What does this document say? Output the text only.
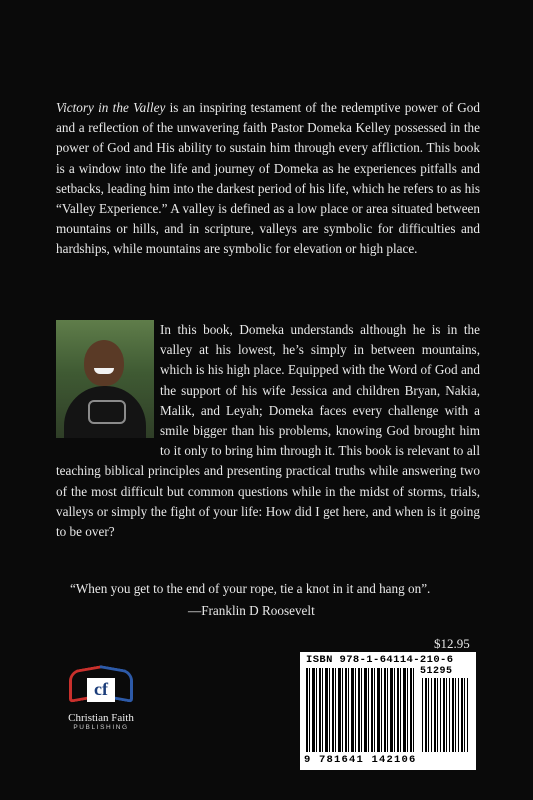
Victory in the Valley is an inspiring testament of the redemptive power of God and a reflection of the unwavering faith Pastor Domeka Kelley possessed in the power of God and His ability to sustain him through every affliction. This book is a window into the life and journey of Domeka as he experiences pitfalls and setbacks, leading him into the darkest period of his life, which he refers to as his “Valley Experience.” A valley is defined as a low place or area situated between mountains or hills, and in scripture, valleys are symbolic for difficulties and hardships, while mountains are symbolic for elevation or high place.

In this book, Domeka understands although he is in the valley at his lowest, he’s simply in between mountains, which is his high place. Equipped with the Word of God and the support of his wife Jessica and children Bryan, Nakia, Malik, and Leyah; Domeka faces every challenge with a smile bigger than his problems, knowing God brought him to it only to bring him through it. This book is relevant to all teaching biblical principles and presenting practical truths while answering two of the most difficult but common questions while in the midst of storms, trials, valleys or simply the fight of your life: How did I get here, and when is it going to be over?
“When you get to the end of your rope, tie a knot in it and hang on”.
—Franklin D Roosevelt
cf
Christian Faith
PUBLISHING
$12.95
ISBN 978-1-64114-210-6
51295
9 781641 142106
